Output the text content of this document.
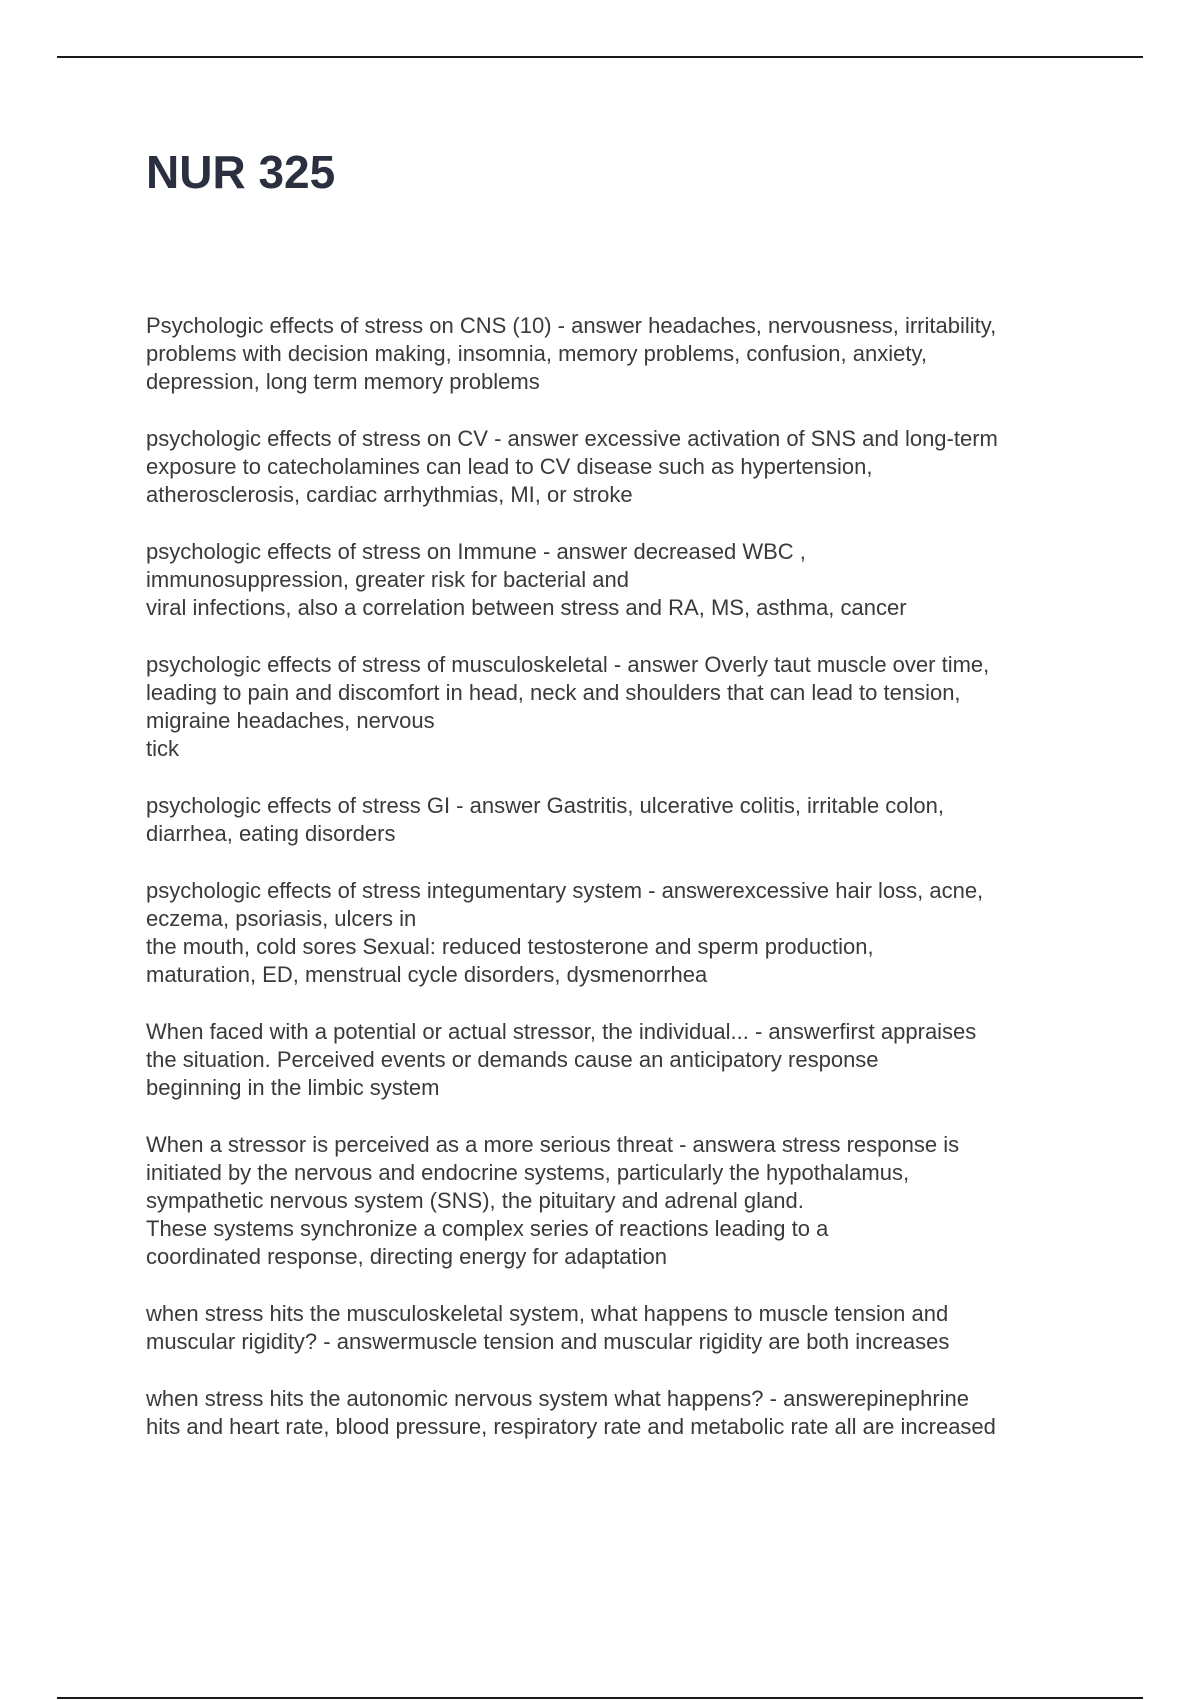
NUR 325
Psychologic effects of stress on CNS (10) - answer headaches, nervousness, irritability,
problems with decision making, insomnia, memory problems, confusion, anxiety,
depression, long term memory problems
psychologic effects of stress on CV - answer excessive activation of SNS and long-term
exposure to catecholamines can lead to CV disease such as hypertension,
atherosclerosis, cardiac arrhythmias, MI, or stroke
psychologic effects of stress on Immune - answer decreased WBC ,
immunosuppression, greater risk for bacterial and
viral infections, also a correlation between stress and RA, MS, asthma, cancer
psychologic effects of stress of musculoskeletal - answer Overly taut muscle over time,
leading to pain and discomfort in head, neck and shoulders that can lead to tension,
migraine headaches, nervous
tick
psychologic effects of stress GI - answer Gastritis, ulcerative colitis, irritable colon,
diarrhea, eating disorders
psychologic effects of stress integumentary system - answerexcessive hair loss, acne,
eczema, psoriasis, ulcers in
the mouth, cold sores Sexual: reduced testosterone and sperm production,
maturation, ED, menstrual cycle disorders, dysmenorrhea
When faced with a potential or actual stressor, the individual... - answerfirst appraises
the situation. Perceived events or demands cause an anticipatory response
beginning in the limbic system
When a stressor is perceived as a more serious threat - answera stress response is
initiated by the nervous and endocrine systems, particularly the hypothalamus,
sympathetic nervous system (SNS), the pituitary and adrenal gland.
These systems synchronize a complex series of reactions leading to a
coordinated response, directing energy for adaptation
when stress hits the musculoskeletal system, what happens to muscle tension and
muscular rigidity? - answermuscle tension and muscular rigidity are both increases
when stress hits the autonomic nervous system what happens? - answerepinephrine
hits and heart rate, blood pressure, respiratory rate and metabolic rate all are increased
